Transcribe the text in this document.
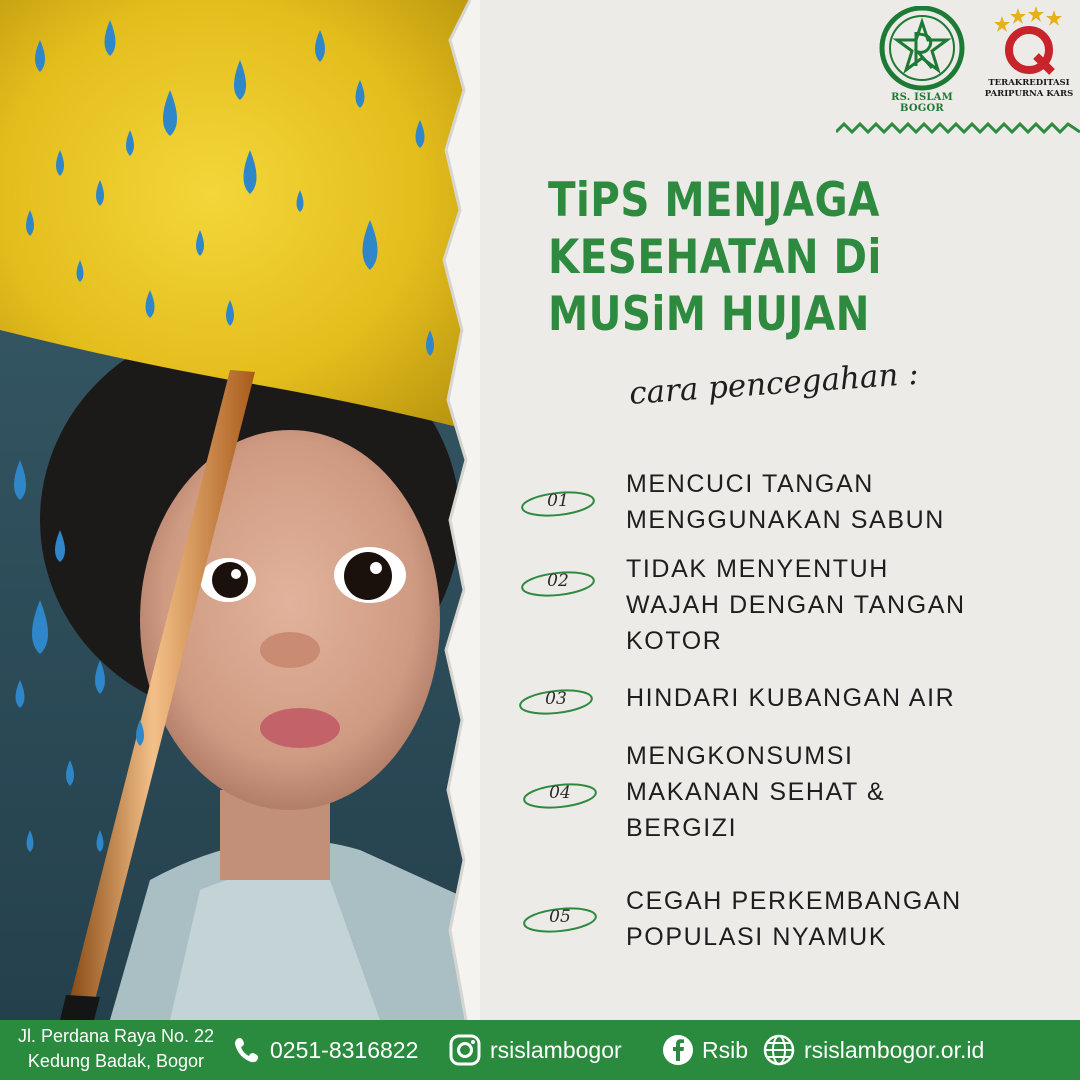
RS. ISLAM BOGOR
TERAKREDITASI
PARIPURNA KARS
TiPS MENJAGA
KESEHATAN Di
MUSiM HUJAN
cara pencegahan :
01
MENCUCI TANGAN
MENGGUNAKAN SABUN
02	TIDAK MENYENTUH
WAJAH DENGAN TANGAN
KOTOR
03	HINDARI KUBANGAN AIR
04
MENGKONSUMSI
MAKANAN SEHAT &
BERGIZI
05
CEGAH PERKEMBANGAN
POPULASI NYAMUK
Jl. Perdana Raya No. 22
Kedung Badak, Bogor	0251-8316822	rsislambogor	Rsib rsislambogor.or.id
